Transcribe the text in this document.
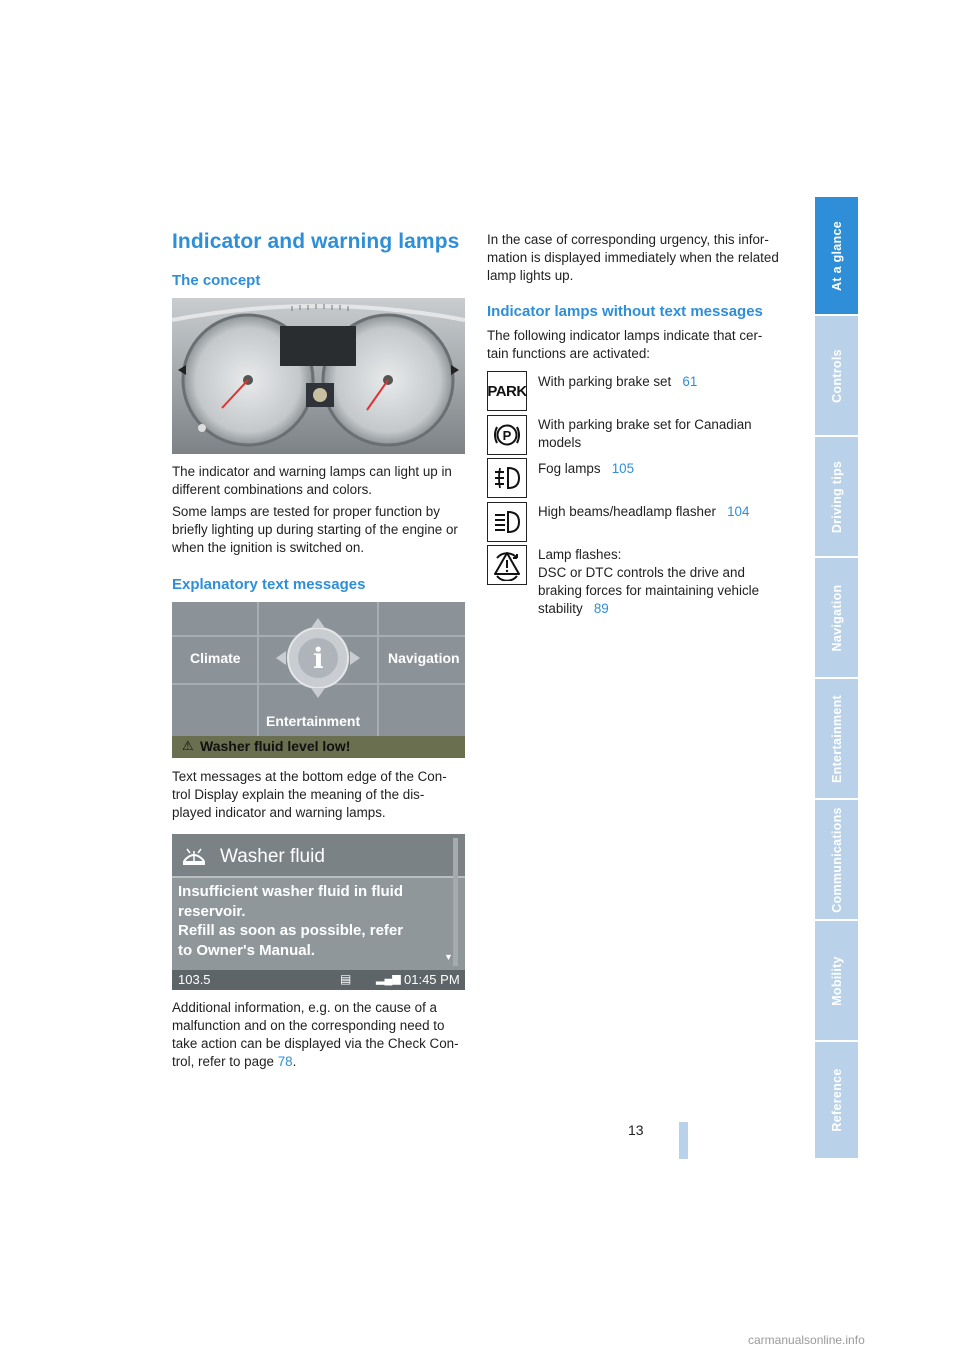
At a glance
Controls
Driving tips
Navigation
Entertainment
Communications
Mobility
Reference
Indicator and warning lamps
The concept
The indicator and warning lamps can light up in different combinations and colors.
Some lamps are tested for proper function by briefly lighting up during starting of the engine or when the ignition is switched on.
Explanatory text messages
i
Climate	Navigation
Entertainment
⚠ Washer fluid level low!
Text messages at the bottom edge of the Con- trol Display explain the meaning of the dis- played indicator and warning lamps.
Washer fluid
Insufficient washer fluid in fluid
reservoir.
Refill as soon as possible, refer
to Owner's Manual.	▼
103.5	▤ ▂▄▆ 01:45 PM
Additional information, e.g. on the cause of a malfunction and on the corresponding need to take action can be displayed via the Check Con- trol, refer to page 78.
In the case of corresponding urgency, this infor- mation is displayed immediately when the related lamp lights up.
Indicator lamps without text messages
The following indicator lamps indicate that cer- tain functions are activated:
PARK
With parking brake set 61
P
With parking brake set for Canadian models
Fog lamps 105
High beams/headlamp flasher 104
Lamp flashes:
DSC or DTC controls the drive and braking forces for maintaining vehicle stability 89
13
carmanualsonline.info
